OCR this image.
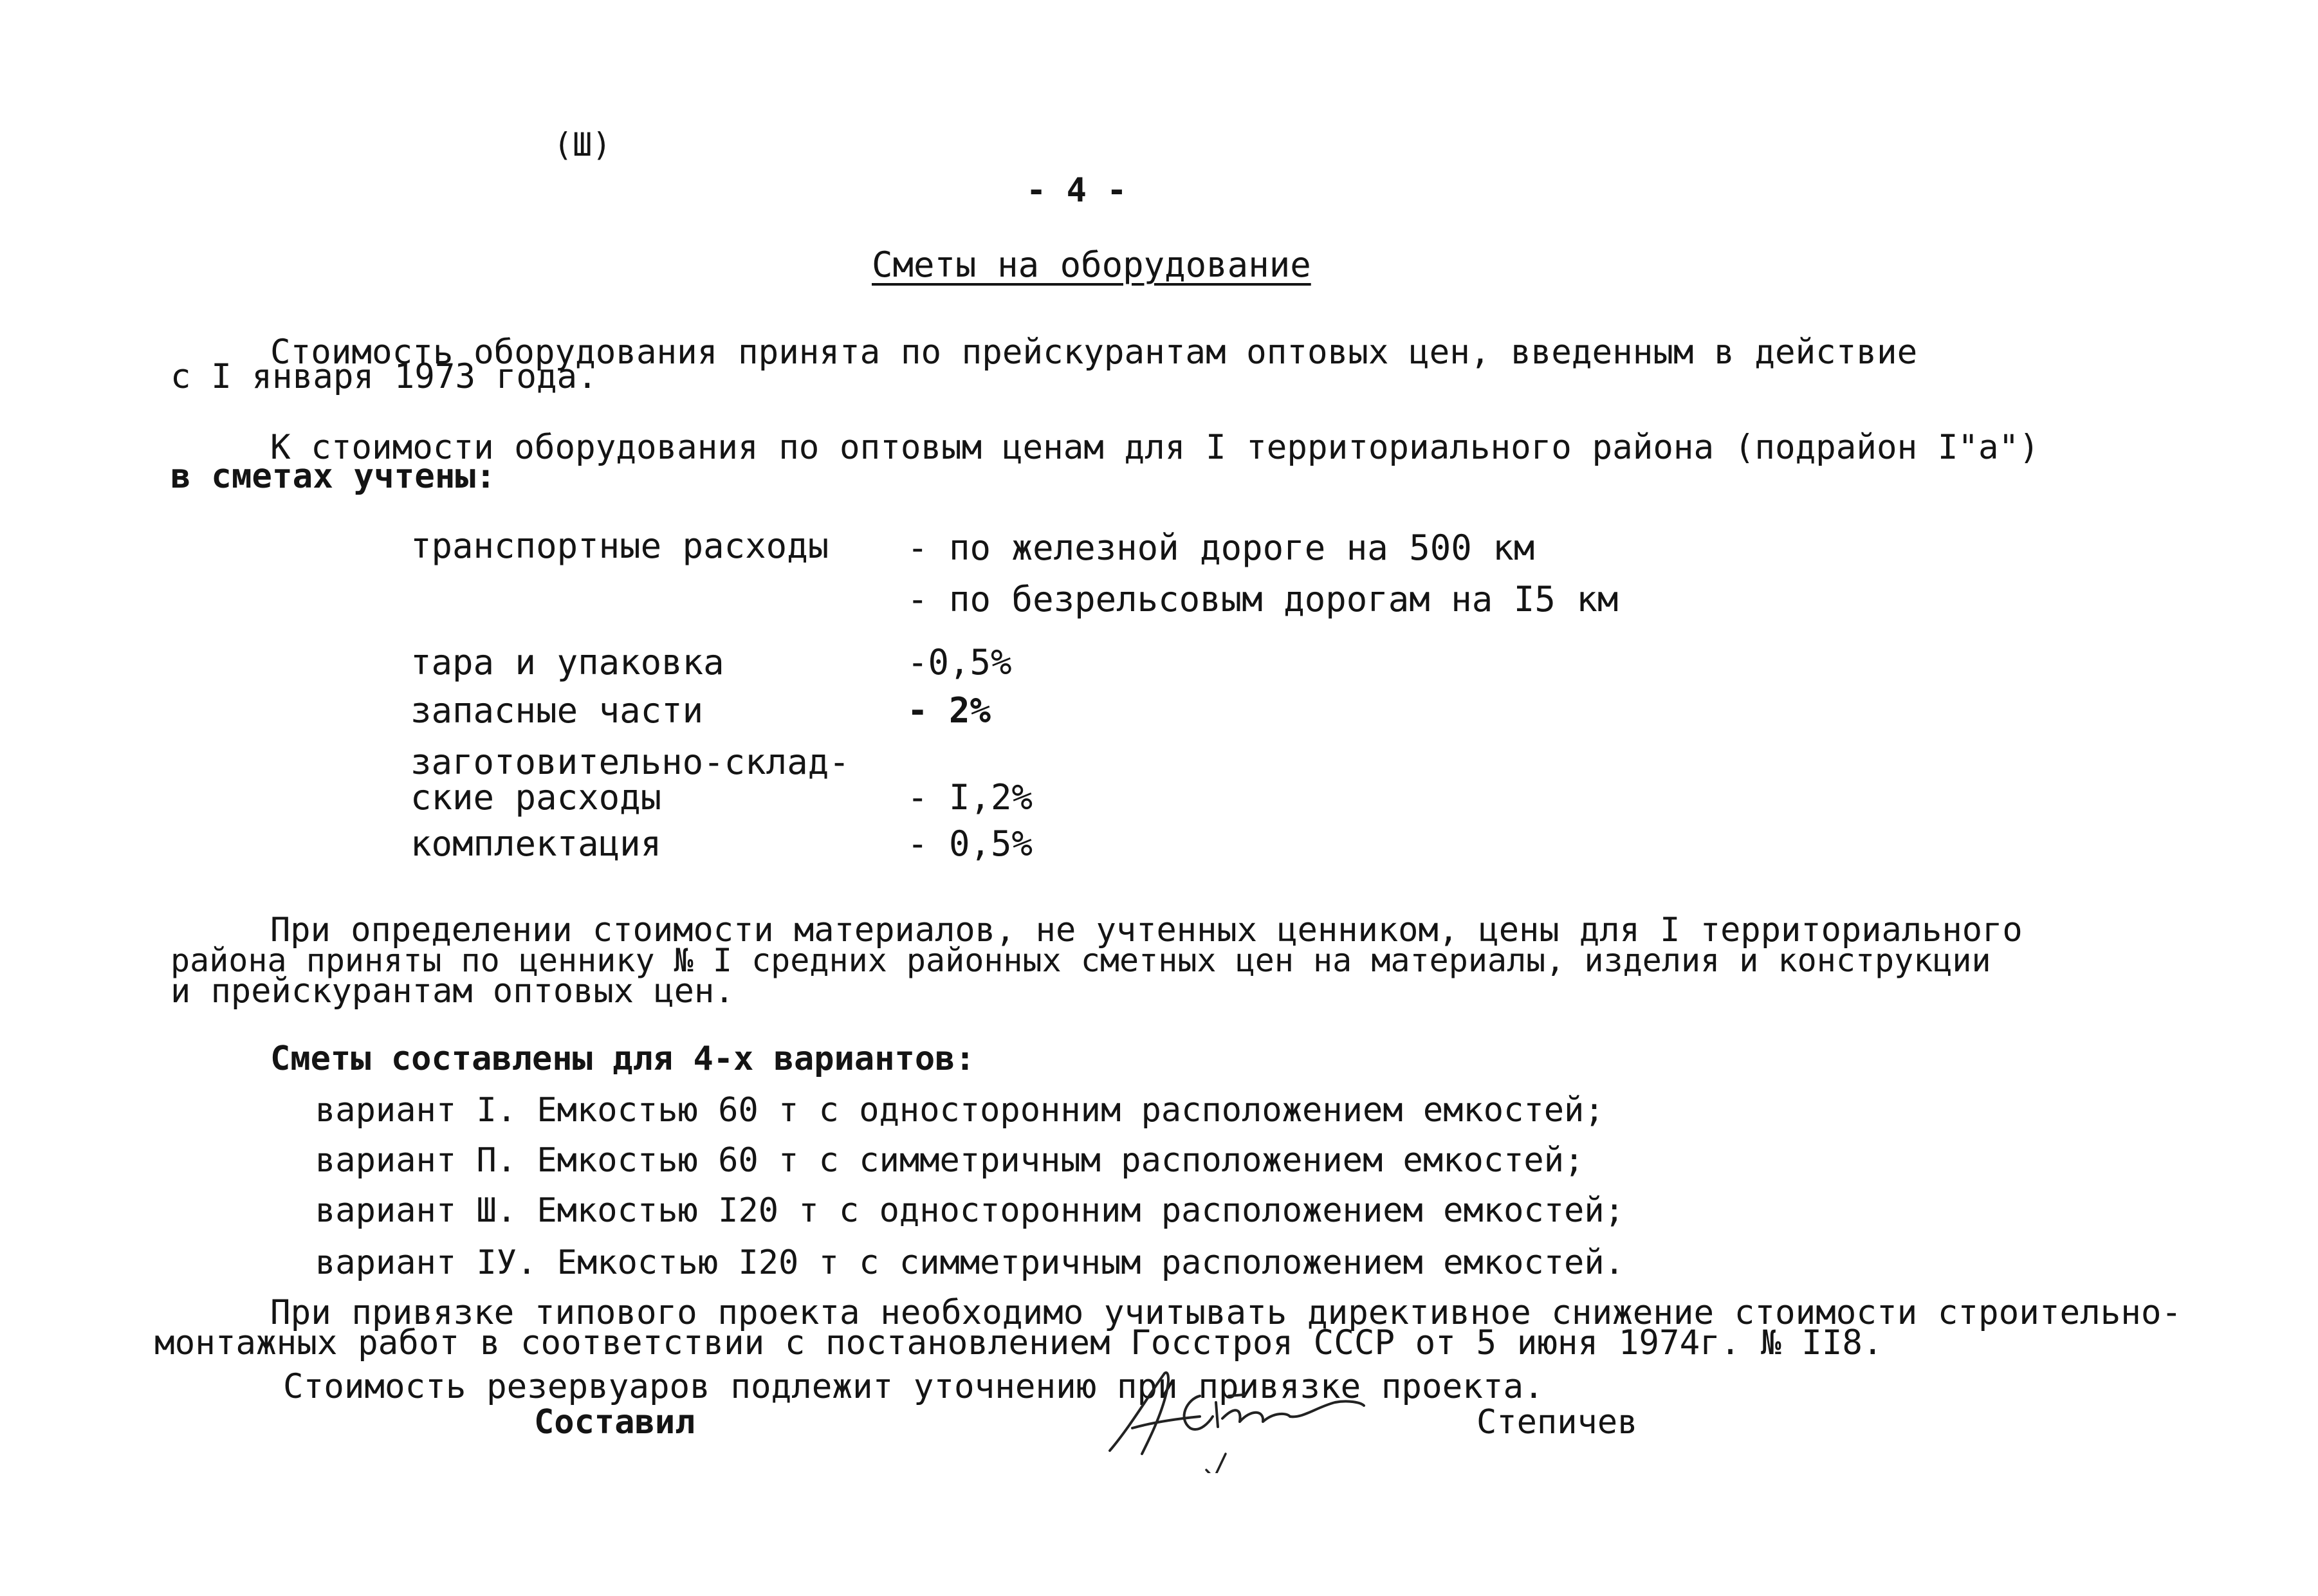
(Ш)
- 4 -
Сметы на оборудование
Стоимость оборудования принята по прейскурантам оптовых цен, введенным в действие
с I января 1973 года.
К стоимости оборудования по оптовым ценам для I территориального района (подрайон I"а")
в сметах учтены:
транспортные расходы - по железной дороге на 500 км
- по безрельсовым дорогам на I5 км
тара и упаковка	-0,5%
запасные части	- 2%
заготовительно-склад-
ские расходы	- I,2%
комплектация	- 0,5%
При определении стоимости материалов, не учтенных ценником, цены для I территориального
района приняты по ценнику № I средних районных сметных цен на материалы, изделия и конструкции
и прейскурантам оптовых цен.
Сметы составлены для 4-х вариантов:
вариант I. Емкостью 60 т с односторонним расположением емкостей;
вариант П. Емкостью 60 т с симметричным расположением емкостей;
вариант Ш. Емкостью I20 т с односторонним расположением емкостей;
вариант IУ. Емкостью I20 т с симметричным расположением емкостей.
При привязке типового проекта необходимо учитывать директивное снижение стоимости строительно-
монтажных работ в соответствии с постановлением Госстроя СССР от 5 июня 1974г. № II8.
Стоимость резервуаров подлежит уточнению при привязке проекта.
Составил	Степичев
